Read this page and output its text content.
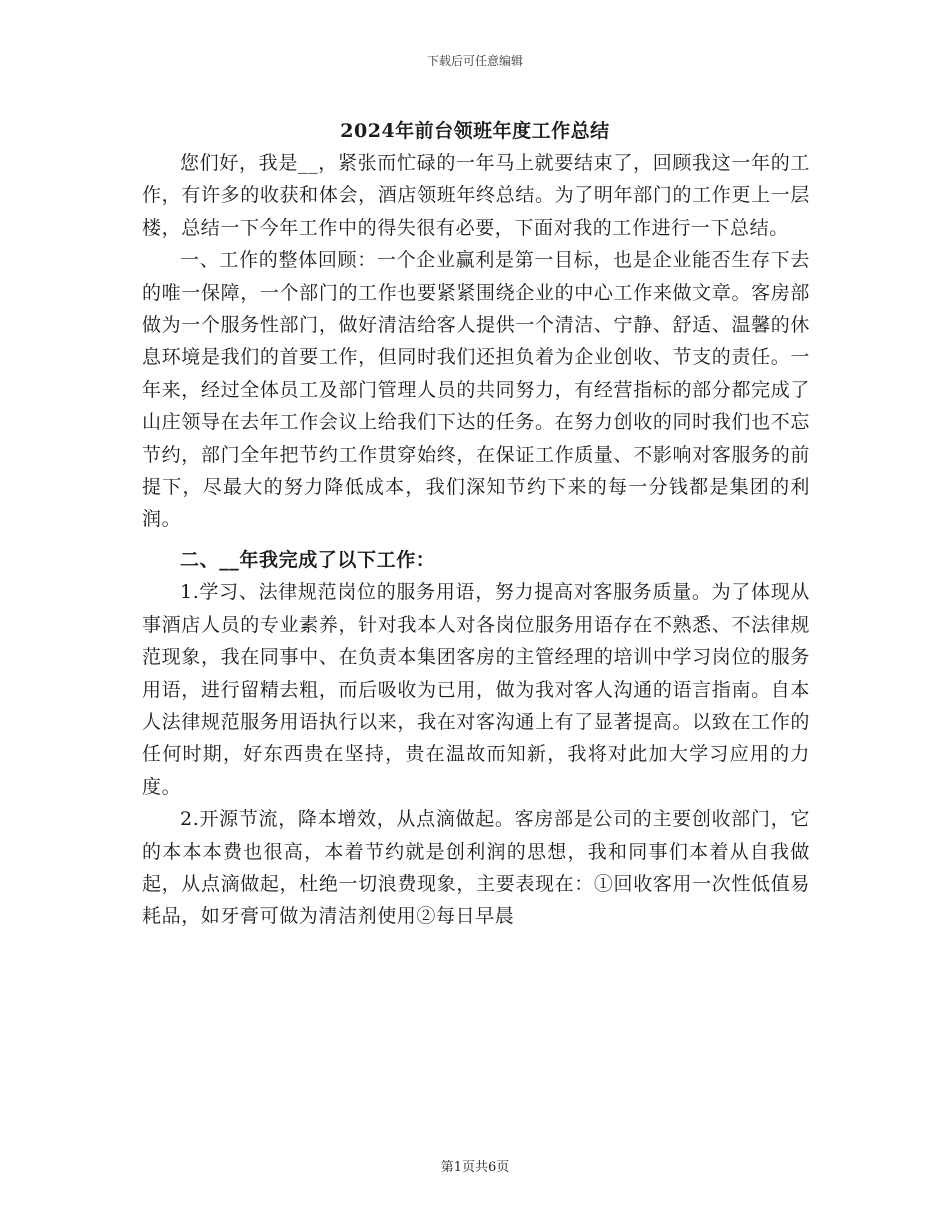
下载后可任意编辑
2024年前台领班年度工作总结

您们好，我是__，紧张而忙碌的一年马上就要结束了，回顾我这一年的工作，有许多的收获和体会，酒店领班年终总结。为了明年部门的工作更上一层楼，总结一下今年工作中的得失很有必要，下面对我的工作进行一下总结。

一、工作的整体回顾：一个企业赢利是第一目标，也是企业能否生存下去的唯一保障，一个部门的工作也要紧紧围绕企业的中心工作来做文章。客房部做为一个服务性部门，做好清洁给客人提供一个清洁、宁静、舒适、温馨的休息环境是我们的首要工作，但同时我们还担负着为企业创收、节支的责任。一年来，经过全体员工及部门管理人员的共同努力，有经营指标的部分都完成了山庄领导在去年工作会议上给我们下达的任务。在努力创收的同时我们也不忘节约，部门全年把节约工作贯穿始终，在保证工作质量、不影响对客服务的前提下，尽最大的努力降低成本，我们深知节约下来的每一分钱都是集团的利润。

二、__年我完成了以下工作：

1.学习、法律规范岗位的服务用语，努力提高对客服务质量。为了体现从事酒店人员的专业素养，针对我本人对各岗位服务用语存在不熟悉、不法律规范现象，我在同事中、在负责本集团客房的主管经理的培训中学习岗位的服务用语，进行留精去粗，而后吸收为已用，做为我对客人沟通的语言指南。自本人法律规范服务用语执行以来，我在对客沟通上有了显著提高。以致在工作的任何时期，好东西贵在坚持，贵在温故而知新，我将对此加大学习应用的力度。

2.开源节流，降本增效，从点滴做起。客房部是公司的主要创收部门，它的本本本费也很高，本着节约就是创利润的思想，我和同事们本着从自我做起，从点滴做起，杜绝一切浪费现象，主要表现在：①回收客用一次性低值易耗品，如牙膏可做为清洁剂使用②每日早晨

第1页共6页
